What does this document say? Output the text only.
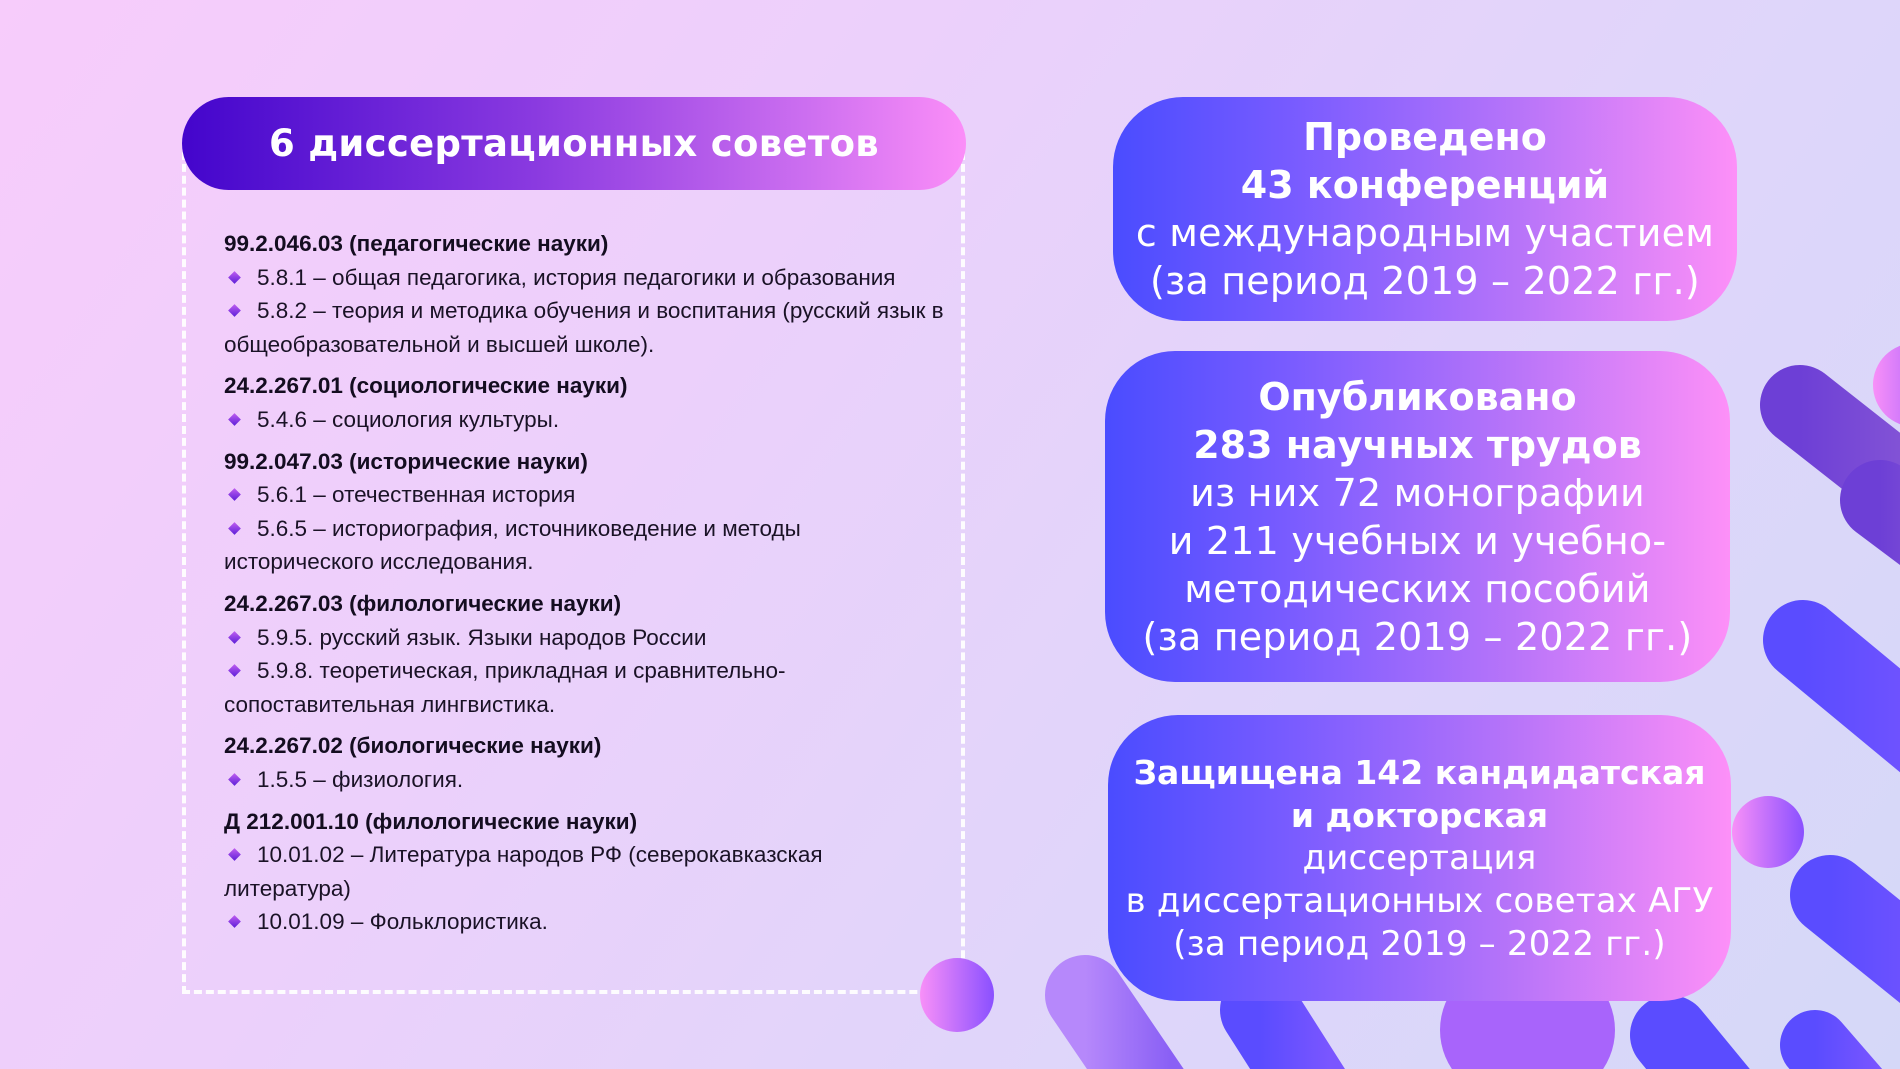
6 диссертационных советов
99.2.046.03 (педагогические науки)
5.8.1 – общая педагогика, история педагогики и образования
5.8.2 – теория и методика обучения и воспитания (русский язык в общеобразовательной и высшей школе).
24.2.267.01 (социологические науки)
5.4.6 – социология культуры.
99.2.047.03 (исторические науки)
5.6.1 – отечественная история
5.6.5 – историография, источниковедение и методы исторического исследования.
24.2.267.03 (филологические науки)
5.9.5. русский язык. Языки народов России
5.9.8. теоретическая, прикладная и сравнительно-сопоставительная лингвистика.
24.2.267.02 (биологические науки)
1.5.5 – физиология.
Д 212.001.10 (филологические науки)
10.01.02 – Литература народов РФ (северокавказская литература)
10.01.09 – Фольклористика.
Проведено
43 конференций
с международным участием
(за период 2019 – 2022 гг.)
Опубликовано
283 научных трудов
из них 72 монографии
и 211 учебных и учебно-
методических пособий
(за период 2019 – 2022 гг.)
Защищена 142 кандидатская
и докторская
диссертация
в диссертационных советах АГУ
(за период 2019 – 2022 гг.)
